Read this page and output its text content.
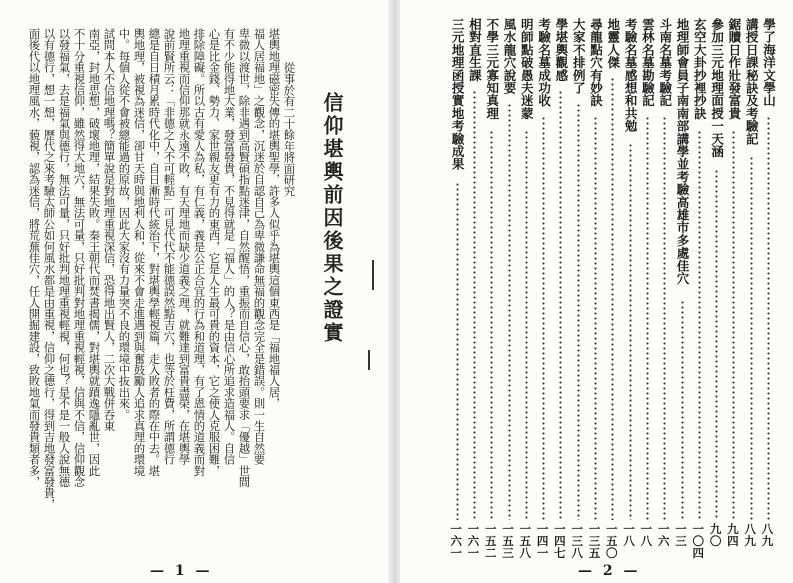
從事於有二十餘年將面研究
堪輿地理磁密失傳的堪輿聖學，許多人似乎為堪輿這個東西是「福地福人居，
福人居福地」之觀念，沉迷於自認自己為卑微謙命無福的觀念完全是錯誤。則一生自然要
卑微以渡世，除非遇到高賢碩指點迷津，自然醒悟，重振而自信心，敢抬頭要求「優越」世間
有不少能得地大業，發富發貴，不見得就是「福人」的人？是由信心所追求造福人。自信
心是比金錢、勢力、家世親友更有力的東西，它是人生最可貴的資本，它之使人克服困難，
排除障礙。所以古有愛人為私，有仁義，義是公正合宜的行為和道理，有了恩情的道義而對
地理重視而信仰那就永遠不敗，有天理地而缺少道義之理，就難達到富貴盡榮，在堪輿學
說前賢所云：「非德之人不可輕點」可見代代不能德誤然點吉穴，也等於枉費，所謂德行
總是自日積月累時代化中，自日漸時代統治下，對堪輿學輕視篇，走入敗者的際在中去。堪
輿地理，被視為迷信，卻甘天時與地利人和，從來不會走進遇到與奮鼓勵人追求真理的環境
中。每個人從不會被總能過的原故，因此大家沒有力量突不良的環境中抜出來。
試問本人不信地理嗎？簡單說是對地理重視深信，恐得地出賢人，二次大戰併吞東
南亞，封地思想，破壞地理，結果失敗。秦王朝代而焚書揭儒，對堪輿就蹟逸隱亂世，因此
不十分重視信仰，雖然得大地穴，無法可量，只好批判對地理重視輕視，信與不信，信仰觀念
以發福氣，去是福氣與德行，無法可量，只好批判地理重視輕視，何也？是不是一般人說無德
以有德行，想一想，歷代之來考驗太師公如何風水都是由重視，信仰之德行，得到吉地發富發貴，
面後代以地理風水，藐視，認為迷信，將荒蕪佳穴，任人開掘建設，致敗地氣而發貴類者多，	信仰堪輿前因後果之證實
— 1 —
學了海洋文學山
八九
講授日課秘訣及考驗記
八九
鋸贖日作壯發富貴
九四
參加三元地理面授一天涵
九〇
玄空大卦抄裡抄訣
一〇四
地理師會員子南南部講學並考驗高雄市多處佳穴
一三
斗南名墓考驗記
一六
雲林名墓勘驗記
一八
考驗名墓感想和共勉
一八
地靈人傑
一五〇
尋龍點穴有妙訣
一三五
大家不排例了
一三八
學堪輿觀感
一四七
考驗名墓成功收
一四一
明師點破愚夫迷蒙
一五八
風水龍穴說要
一五三
不學三元寡知真理
一五二
相對直生課
一六一
三元地理函授實地考驗成果
一六一
— 2 —
